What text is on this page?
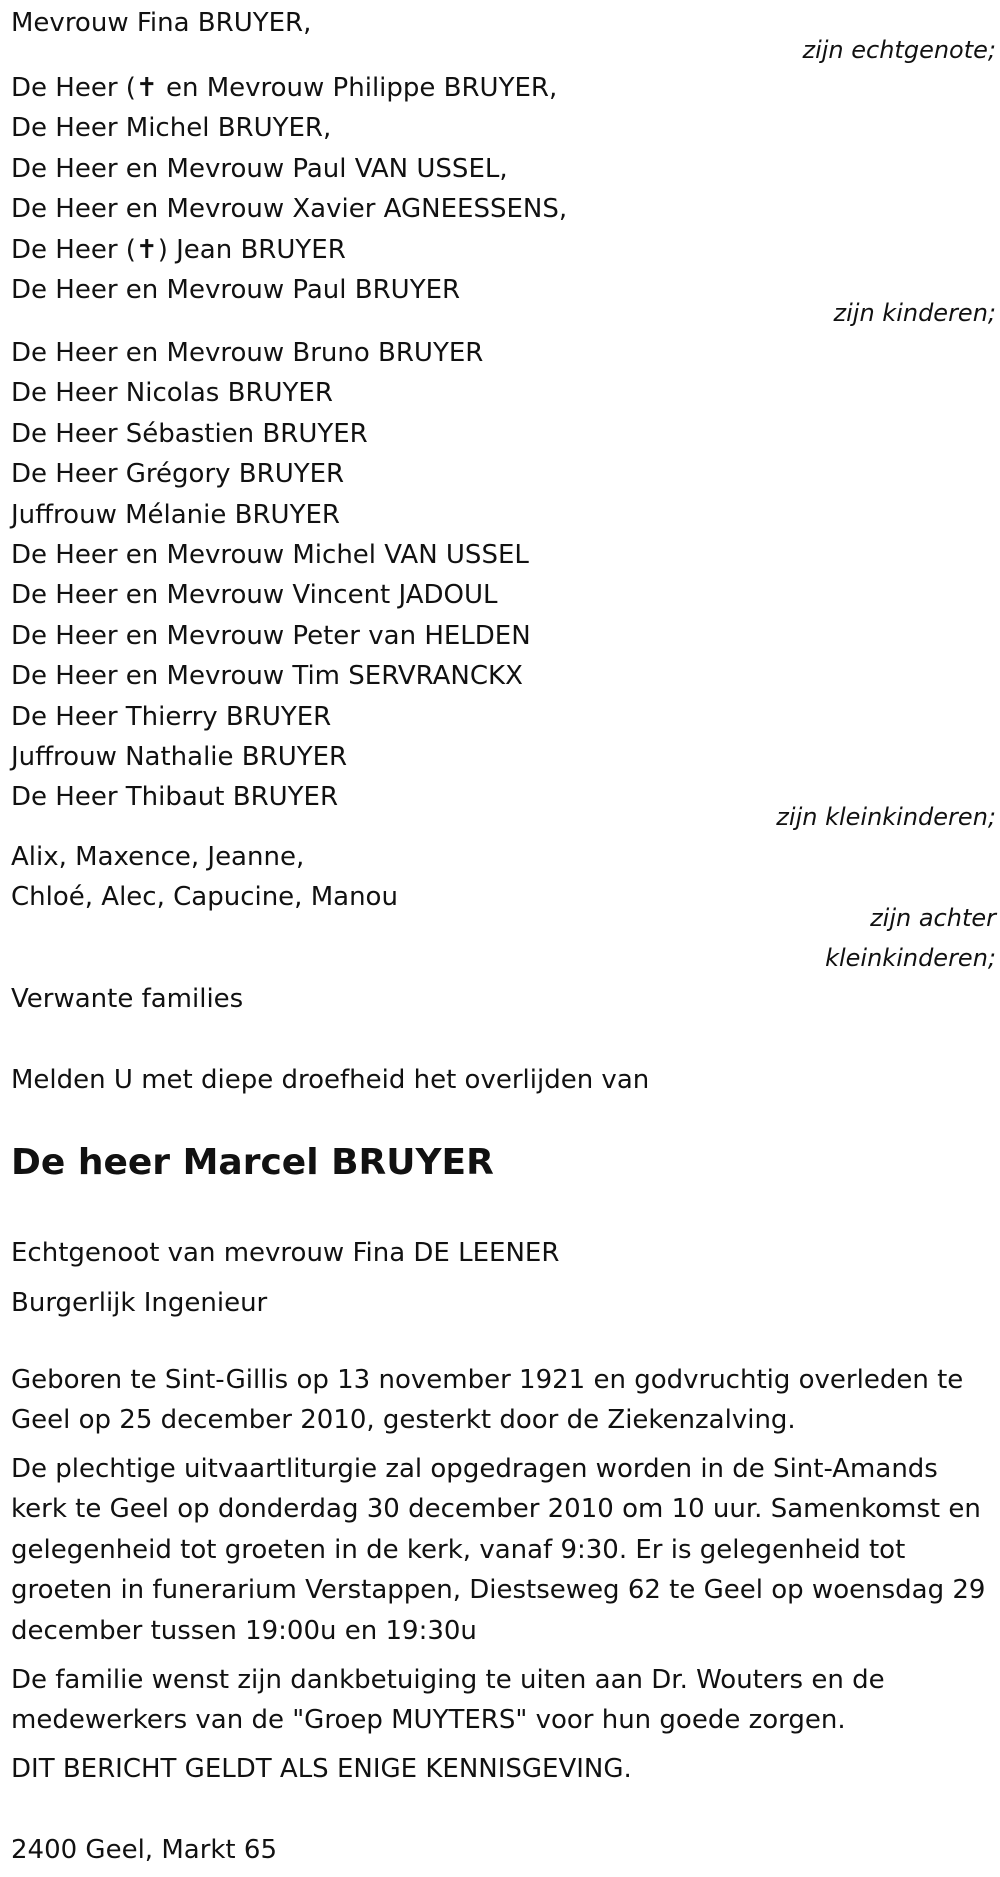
Mevrouw Fina BRUYER,
zijn echtgenote;
De Heer (✝ en Mevrouw Philippe BRUYER,
De Heer Michel BRUYER,
De Heer en Mevrouw Paul VAN USSEL,
De Heer en Mevrouw Xavier AGNEESSENS,
De Heer (✝) Jean BRUYER
De Heer en Mevrouw Paul BRUYER
zijn kinderen;
De Heer en Mevrouw Bruno BRUYER
De Heer Nicolas BRUYER
De Heer Sébastien BRUYER
De Heer Grégory BRUYER
Juffrouw Mélanie BRUYER
De Heer en Mevrouw Michel VAN USSEL
De Heer en Mevrouw Vincent JADOUL
De Heer en Mevrouw Peter van HELDEN
De Heer en Mevrouw Tim SERVRANCKX
De Heer Thierry BRUYER
Juffrouw Nathalie BRUYER
De Heer Thibaut BRUYER
zijn kleinkinderen;
Alix, Maxence, Jeanne,
Chloé, Alec, Capucine, Manou
zijn achter
kleinkinderen;
Verwante families
Melden U met diepe droefheid het overlijden van
De heer Marcel BRUYER
Echtgenoot van mevrouw Fina DE LEENER
Burgerlijk Ingenieur
Geboren te Sint-Gillis op 13 november 1921 en godvruchtig overleden te Geel op 25 december 2010, gesterkt door de Ziekenzalving.
De plechtige uitvaartliturgie zal opgedragen worden in de Sint-Amands kerk te Geel op donderdag 30 december 2010 om 10 uur. Samenkomst en gelegenheid tot groeten in de kerk, vanaf 9:30. Er is gelegenheid tot groeten in funerarium Verstappen, Diestseweg 62 te Geel op woensdag 29 december tussen 19:00u en 19:30u
De familie wenst zijn dankbetuiging te uiten aan Dr. Wouters en de medewerkers van de "Groep MUYTERS" voor hun goede zorgen.
DIT BERICHT GELDT ALS ENIGE KENNISGEVING.
2400 Geel, Markt 65
